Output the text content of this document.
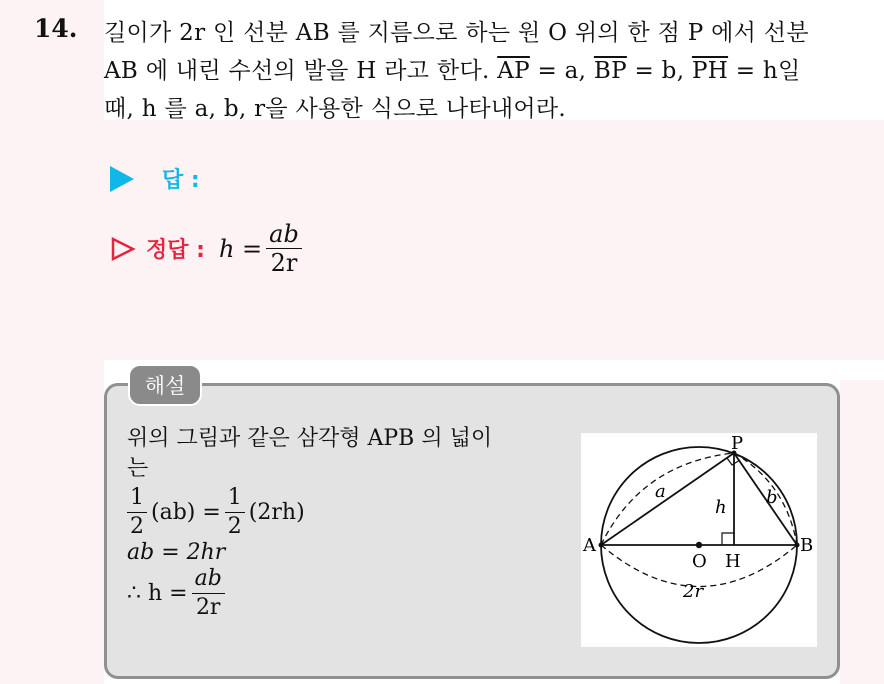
14. 길이가 2r 인 선분 AB 를 지름으로 하는 원 O 위의 한 점 P 에서 선분
AB 에 내린 수선의 발을 H 라고 한다. $\overline{AP} = a$, $\overline{BP} = b$, $\overline{PH} = h$일
때, h 를 a, b, r을 사용한 식으로 나타내어라.
답 :
정답 : $h = \frac{ab}{2r}$
위의 그림과 같은 삼각형 APB 의 넓이
는
$\frac{1}{2} (ab) = \frac{1}{2} (2rh)$
ab = 2hr
∴ $h = \frac{ab}{2r}$
P
A	B
O H
a	b
h
2r
해설
